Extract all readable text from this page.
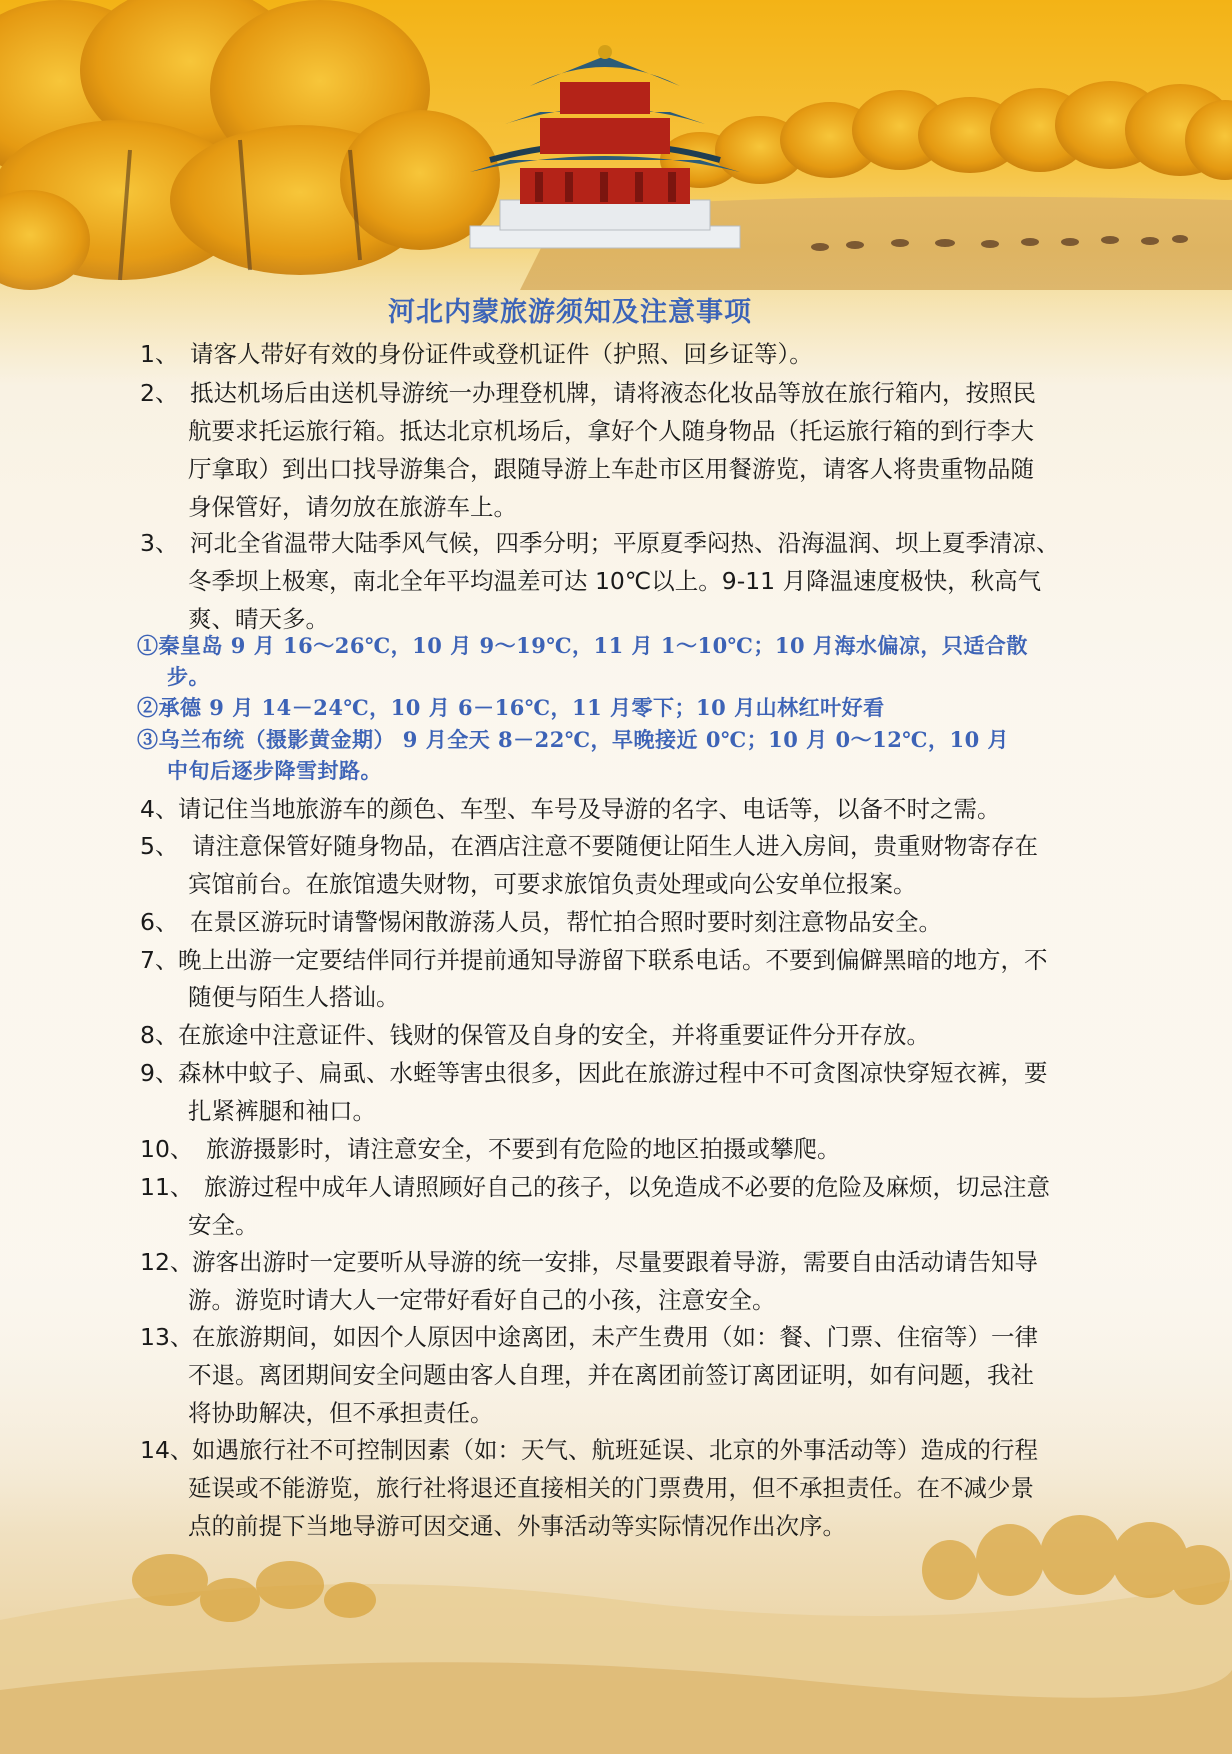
河北内蒙旅游须知及注意事项
1、 请客人带好有效的身份证件或登机证件（护照、回乡证等）。
2、 抵达机场后由送机导游统一办理登机牌，请将液态化妆品等放在旅行箱内，按照民
航要求托运旅行箱。抵达北京机场后，拿好个人随身物品（托运旅行箱的到行李大
厅拿取）到出口找导游集合，跟随导游上车赴市区用餐游览，请客人将贵重物品随
身保管好，请勿放在旅游车上。
3、 河北全省温带大陆季风气候，四季分明；平原夏季闷热、沿海温润、坝上夏季清凉、
冬季坝上极寒，南北全年平均温差可达 10℃以上。9-11 月降温速度极快，秋高气
爽、晴天多。
①秦皇岛 9 月 16～26℃，10 月 9～19℃，11 月 1～10℃；10 月海水偏凉，只适合散
步。
②承德 9 月 14－24℃，10 月 6－16℃，11 月零下；10 月山林红叶好看
③乌兰布统（摄影黄金期） 9 月全天 8－22℃，早晚接近 0℃；10 月 0～12℃，10 月
中旬后逐步降雪封路。
4、 请记住当地旅游车的颜色、车型、车号及导游的名字、电话等，以备不时之需。
5、 请注意保管好随身物品，在酒店注意不要随便让陌生人进入房间，贵重财物寄存在
宾馆前台。在旅馆遗失财物，可要求旅馆负责处理或向公安单位报案。
6、 在景区游玩时请警惕闲散游荡人员，帮忙拍合照时要时刻注意物品安全。
7、 晚上出游一定要结伴同行并提前通知导游留下联系电话。不要到偏僻黑暗的地方，不
随便与陌生人搭讪。
8、 在旅途中注意证件、钱财的保管及自身的安全，并将重要证件分开存放。
9、 森林中蚊子、扁虱、水蛭等害虫很多，因此在旅游过程中不可贪图凉快穿短衣裤，要
扎紧裤腿和袖口。
10、 旅游摄影时，请注意安全，不要到有危险的地区拍摄或攀爬。
11、 旅游过程中成年人请照顾好自己的孩子，以免造成不必要的危险及麻烦，切忌注意
安全。
12、
游客出游时一定要听从导游的统一安排，尽量要跟着导游，需要自由活动请告知导
游。游览时请大人一定带好看好自己的小孩，注意安全。
13、
在旅游期间，如因个人原因中途离团，未产生费用（如：餐、门票、住宿等）一律
不退。离团期间安全问题由客人自理，并在离团前签订离团证明，如有问题，我社
将协助解决，但不承担责任。
14、
如遇旅行社不可控制因素（如：天气、航班延误、北京的外事活动等）造成的行程
延误或不能游览，旅行社将退还直接相关的门票费用，但不承担责任。在不减少景
点的前提下当地导游可因交通、外事活动等实际情况作出次序。
